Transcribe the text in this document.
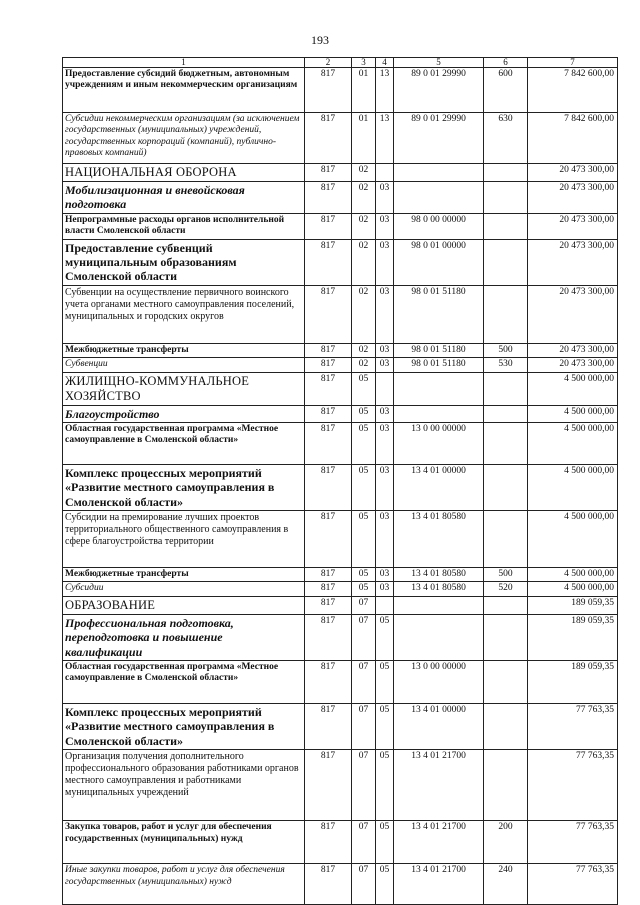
193
1	2	3	4	5	6	7
Предоставление субсидий бюджетным, автономным учреждениям и иным некоммерческим организациям	817	01	13	89 0 01 29990	600	7 842 600,00
Субсидии некоммерческим организациям (за исключением государственных (муниципальных) учреждений, государственных корпораций (компаний), публично-правовых компаний)	817	01	13	89 0 01 29990	630	7 842 600,00
НАЦИОНАЛЬНАЯ ОБОРОНА	817	02				20 473 300,00
Мобилизационная и вневойсковая подготовка	817	02	03			20 473 300,00
Непрограммные расходы органов исполнительной власти Смоленской области	817	02	03	98 0 00 00000		20 473 300,00
Предоставление субвенций муниципальным образованиям Смоленской области	817	02	03	98 0 01 00000		20 473 300,00
Субвенции на осуществление первичного воинского учета органами местного самоуправления поселений, муниципальных и городских округов	817	02	03	98 0 01 51180		20 473 300,00
Межбюджетные трансферты	817	02	03	98 0 01 51180	500	20 473 300,00
Субвенции	817	02	03	98 0 01 51180	530	20 473 300,00
ЖИЛИЩНО-КОММУНАЛЬНОЕ ХОЗЯЙСТВО	817	05				4 500 000,00
Благоустройство	817	05	03			4 500 000,00
Областная государственная программа «Местное самоуправление в Смоленской области»	817	05	03	13 0 00 00000		4 500 000,00
Комплекс процессных мероприятий «Развитие местного самоуправления в Смоленской области»	817	05	03	13 4 01 00000		4 500 000,00
Субсидии на премирование лучших проектов территориального общественного самоуправления в сфере благоустройства территории	817	05	03	13 4 01 80580		4 500 000,00
Межбюджетные трансферты	817	05	03	13 4 01 80580	500	4 500 000,00
Субсидии	817	05	03	13 4 01 80580	520	4 500 000,00
ОБРАЗОВАНИЕ	817	07				189 059,35
Профессиональная подготовка, переподготовка и повышение квалификации	817	07	05			189 059,35
Областная государственная программа «Местное самоуправление в Смоленской области»	817	07	05	13 0 00 00000		189 059,35
Комплекс процессных мероприятий «Развитие местного самоуправления в Смоленской области»	817	07	05	13 4 01 00000		77 763,35
Организация получения дополнительного профессионального образования работниками органов местного самоуправления и работниками муниципальных учреждений	817	07	05	13 4 01 21700		77 763,35
Закупка товаров, работ и услуг для обеспечения государственных (муниципальных) нужд	817	07	05	13 4 01 21700	200	77 763,35
Иные закупки товаров, работ и услуг для обеспечения государственных (муниципальных) нужд	817	07	05	13 4 01 21700	240	77 763,35
